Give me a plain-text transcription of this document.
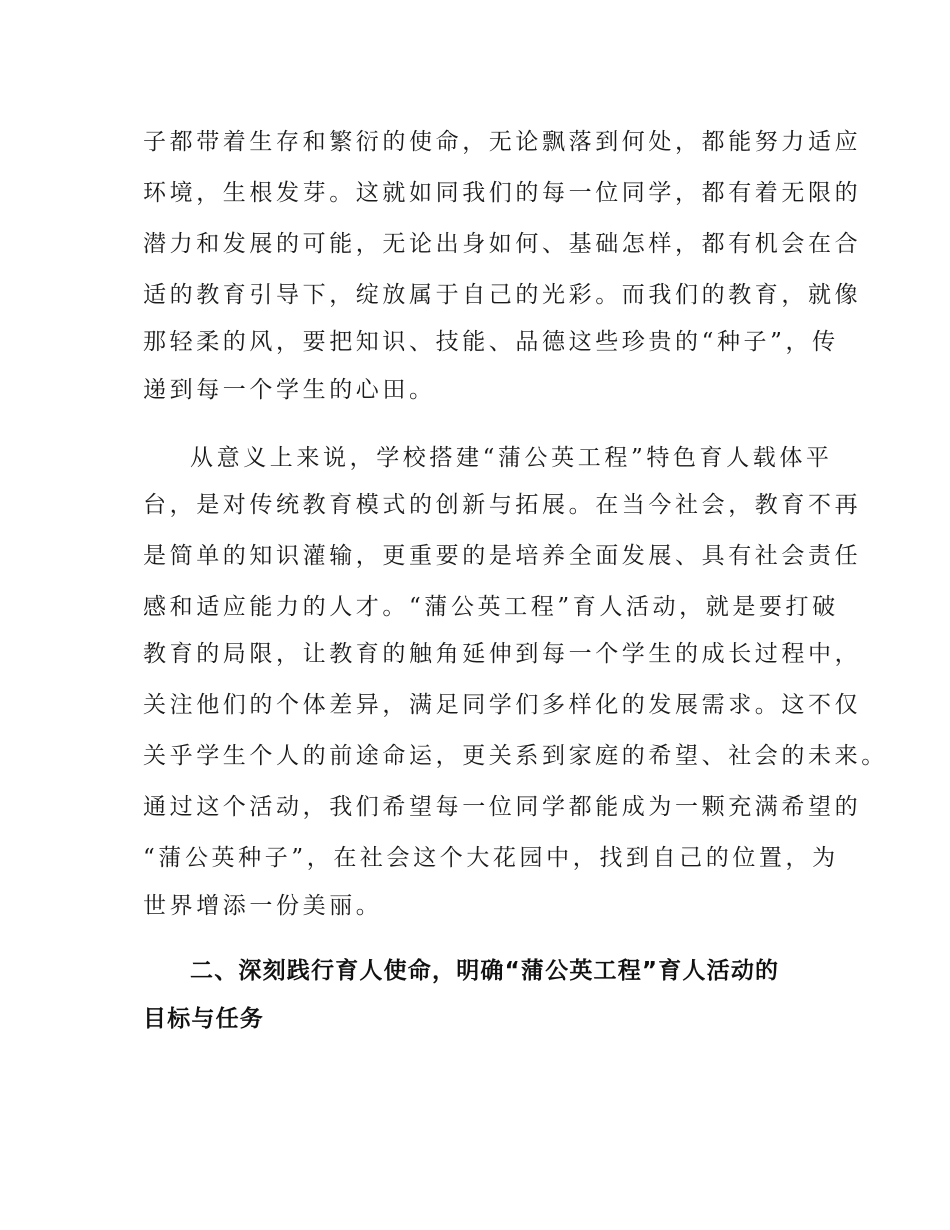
子都带着生存和繁衍的使命，无论飘落到何处，都能努力适应

环境，生根发芽。这就如同我们的每一位同学，都有着无限的

潜力和发展的可能，无论出身如何、基础怎样，都有机会在合

适的教育引导下，绽放属于自己的光彩。而我们的教育，就像

那轻柔的风，要把知识、技能、品德这些珍贵的“种子”，传

递到每一个学生的心田。

从意义上来说，学校搭建“蒲公英工程”特色育人载体平

台，是对传统教育模式的创新与拓展。在当今社会，教育不再

是简单的知识灌输，更重要的是培养全面发展、具有社会责任

感和适应能力的人才。“蒲公英工程”育人活动，就是要打破

教育的局限，让教育的触角延伸到每一个学生的成长过程中，

关注他们的个体差异，满足同学们多样化的发展需求。这不仅

关乎学生个人的前途命运，更关系到家庭的希望、社会的未来。

通过这个活动，我们希望每一位同学都能成为一颗充满希望的

“蒲公英种子”，在社会这个大花园中，找到自己的位置，为

世界增添一份美丽。

二、深刻践行育人使命，明确“蒲公英工程”育人活动的

目标与任务
